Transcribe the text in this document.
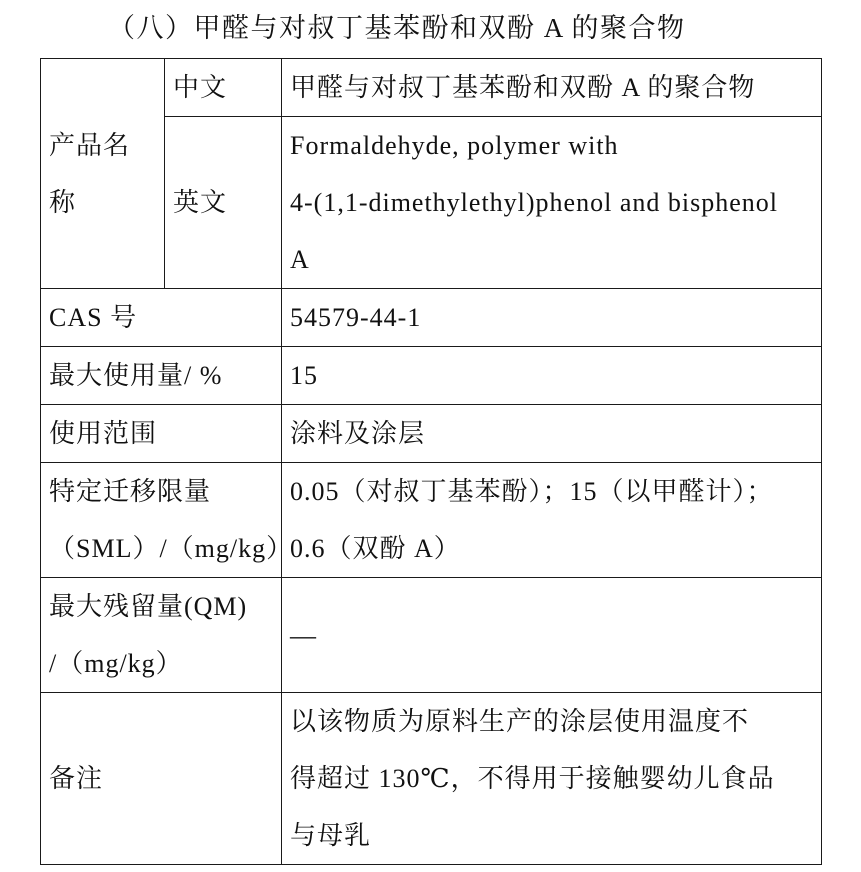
（八）甲醛与对叔丁基苯酚和双酚 A 的聚合物
产品名
称	中文	甲醛与对叔丁基苯酚和双酚 A 的聚合物
	英文	Formaldehyde, polymer with
4-(1,1-dimethylethyl)phenol and bisphenol
A

CAS 号		54579-44-1
最大使用量/ %		15
使用范围		涂料及涂层

特定迁移限量
（SML）/（mg/kg）		0.05（对叔丁基苯酚）；15（以甲醛计）；
0.6（双酚 A）

最大残留量(QM)
/（mg/kg）		—
备注		以该物质为原料生产的涂层使用温度不
得超过 130℃，不得用于接触婴幼儿食品
与母乳
